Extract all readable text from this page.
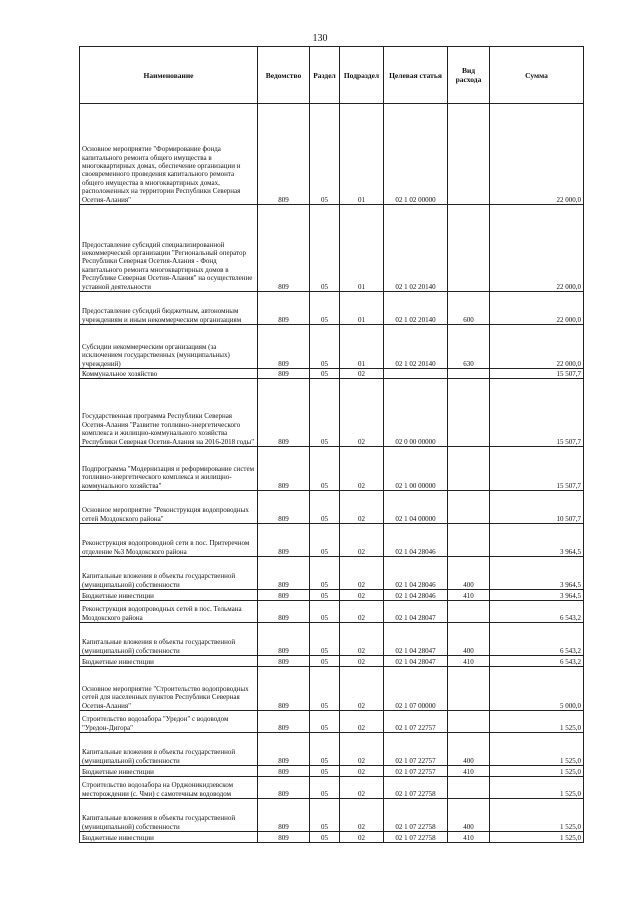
130
Наименование	Ведомство	Раздел	Подраздел	Целевая статья	Вид расхода	Сумма
Основное мероприятие "Формирование фонда капитального ремонта общего имущества в многоквартирных домах, обеспечение организации и своевременного проведения капитального ремонта общего имущества в многоквартирных домах, расположенных на территории Республики Северная Осетия-Алания"	809	05	01	02 1 02 00000		22 000,0
Предоставление субсидий специализированной некоммерческой организации "Региональный оператор Республики Северная Осетия-Алания - Фонд капитального ремонта многоквартирных домов в Республике Северная Осетия-Алания" на осуществление уставной деятельности	809	05	01	02 1 02 20140		22 000,0
Предоставление субсидий бюджетным, автономным учреждениям и иным некоммерческим организациям	809	05	01	02 1 02 20140	600	22 000,0
Субсидии некоммерческим организациям (за исключением государственных (муниципальных) учреждений)	809	05	01	02 1 02 20140	630	22 000,0
Коммунальное хозяйство	809	05	02			15 507,7
Государственная программа Республики Северная Осетия-Алания "Развитие топливно-энергетического комплекса и жилищно-коммунального хозяйства Республики Северная Осетия-Алания на 2016-2018 годы"	809	05	02	02 0 00 00000		15 507,7
Подпрограмма "Модернизация и реформирование систем топливно-энергетического комплекса и жилищно-коммунального хозяйства"	809	05	02	02 1 00 00000		15 507,7
Основное мероприятие "Реконструкция водопроводных сетей Моздокского района"	809	05	02	02 1 04 00000		10 507,7
Реконструкция водопроводной сети в пос. Притеречном отделение №3 Моздокского района	809	05	02	02 1 04 28046		3 964,5
Капитальные вложения в объекты государственной (муниципальной) собственности	809	05	02	02 1 04 28046	400	3 964,5
Бюджетные инвестиции	809	05	02	02 1 04 28046	410	3 964,5
Реконструкция водопроводных сетей в пос. Тельмана Моздокского района	809	05	02	02 1 04 28047		6 543,2
Капитальные вложения в объекты государственной (муниципальной) собственности	809	05	02	02 1 04 28047	400	6 543,2
Бюджетные инвестиции	809	05	02	02 1 04 28047	410	6 543,2
Основное мероприятие "Строительство водопроводных сетей для населенных пунктов Республики Северная Осетия-Алания"	809	05	02	02 1 07 00000		5 000,0
Строительство водозабора "Уредон" с водоводом "Уредон-Дигора"	809	05	02	02 1 07 22757		1 525,0
Капитальные вложения в объекты государственной (муниципальной) собственности	809	05	02	02 1 07 22757	400	1 525,0
Бюджетные инвестиции	809	05	02	02 1 07 22757	410	1 525,0
Строительство водозабора на Орджоникидзевском месторождении (с. Чми) с самотечным водоводом	809	05	02	02 1 07 22758		1 525,0
Капитальные вложения в объекты государственной (муниципальной) собственности	809	05	02	02 1 07 22758	400	1 525,0
Бюджетные инвестиции	809	05	02	02 1 07 22758	410	1 525,0
